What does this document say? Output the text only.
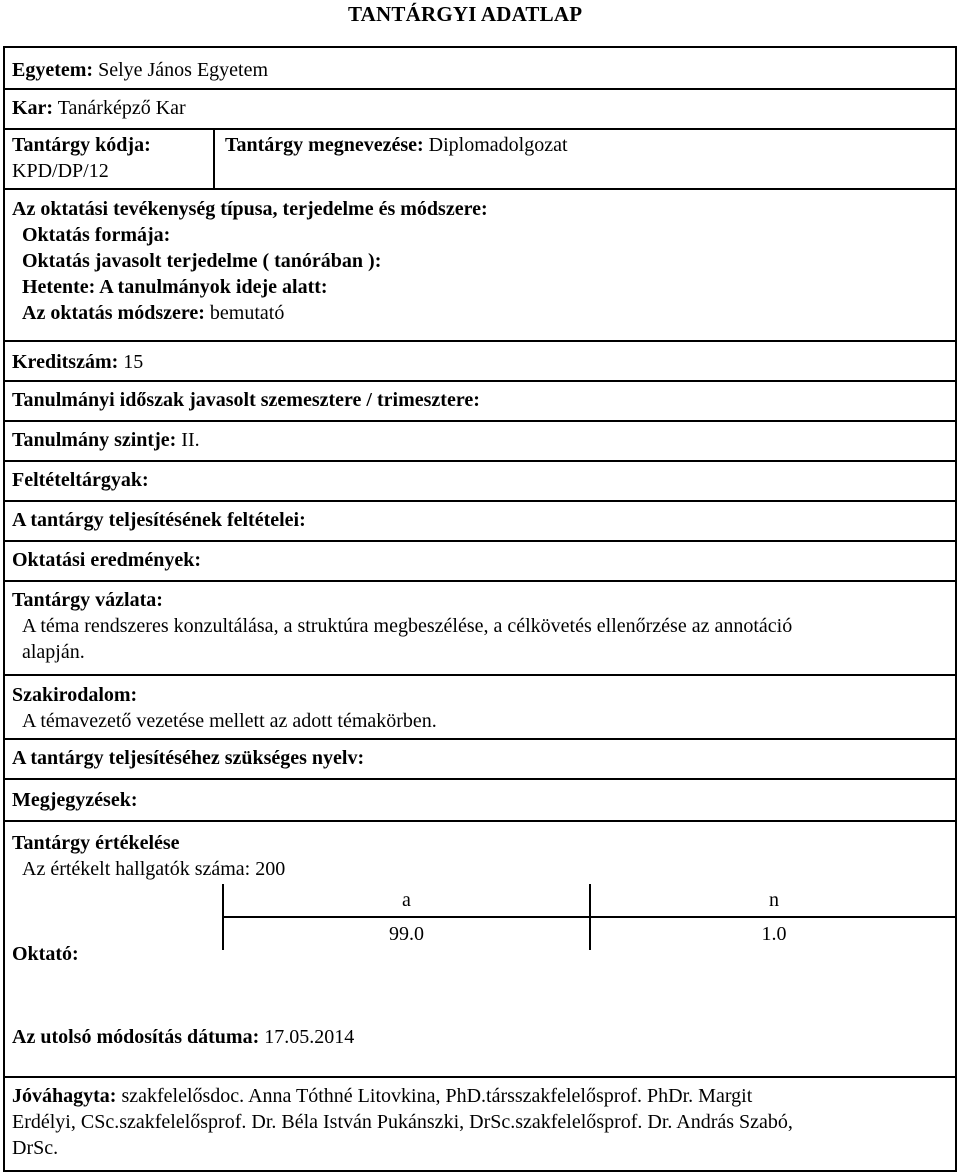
TANTÁRGYI ADATLAP
Egyetem: Selye János Egyetem
Kar: Tanárképző Kar
Tantárgy kódja:
KPD/DP/12
Tantárgy megnevezése: Diplomadolgozat
Az oktatási tevékenység típusa, terjedelme és módszere:
Oktatás formája:
Oktatás javasolt terjedelme ( tanórában ):
Hetente: A tanulmányok ideje alatt:
Az oktatás módszere: bemutató
Kreditszám: 15
Tanulmányi időszak javasolt szemesztere / trimesztere:
Tanulmány szintje: II.
Feltételtárgyak:
A tantárgy teljesítésének feltételei:
Oktatási eredmények:
Tantárgy vázlata:
A téma rendszeres konzultálása, a struktúra megbeszélése, a célkövetés ellenőrzése az annotáció
alapján.
Szakirodalom:
A témavezető vezetése mellett az adott témakörben.
A tantárgy teljesítéséhez szükséges nyelv:
Megjegyzések:
Tantárgy értékelése
Az értékelt hallgatók száma: 200
a	n
99.0	1.0
Oktató:
Az utolsó módosítás dátuma: 17.05.2014
Jóváhagyta: szakfelelősdoc. Anna Tóthné Litovkina, PhD.társszakfelelősprof. PhDr. Margit
Erdélyi, CSc.szakfelelősprof. Dr. Béla István Pukánszki, DrSc.szakfelelősprof. Dr. András Szabó,
DrSc.
